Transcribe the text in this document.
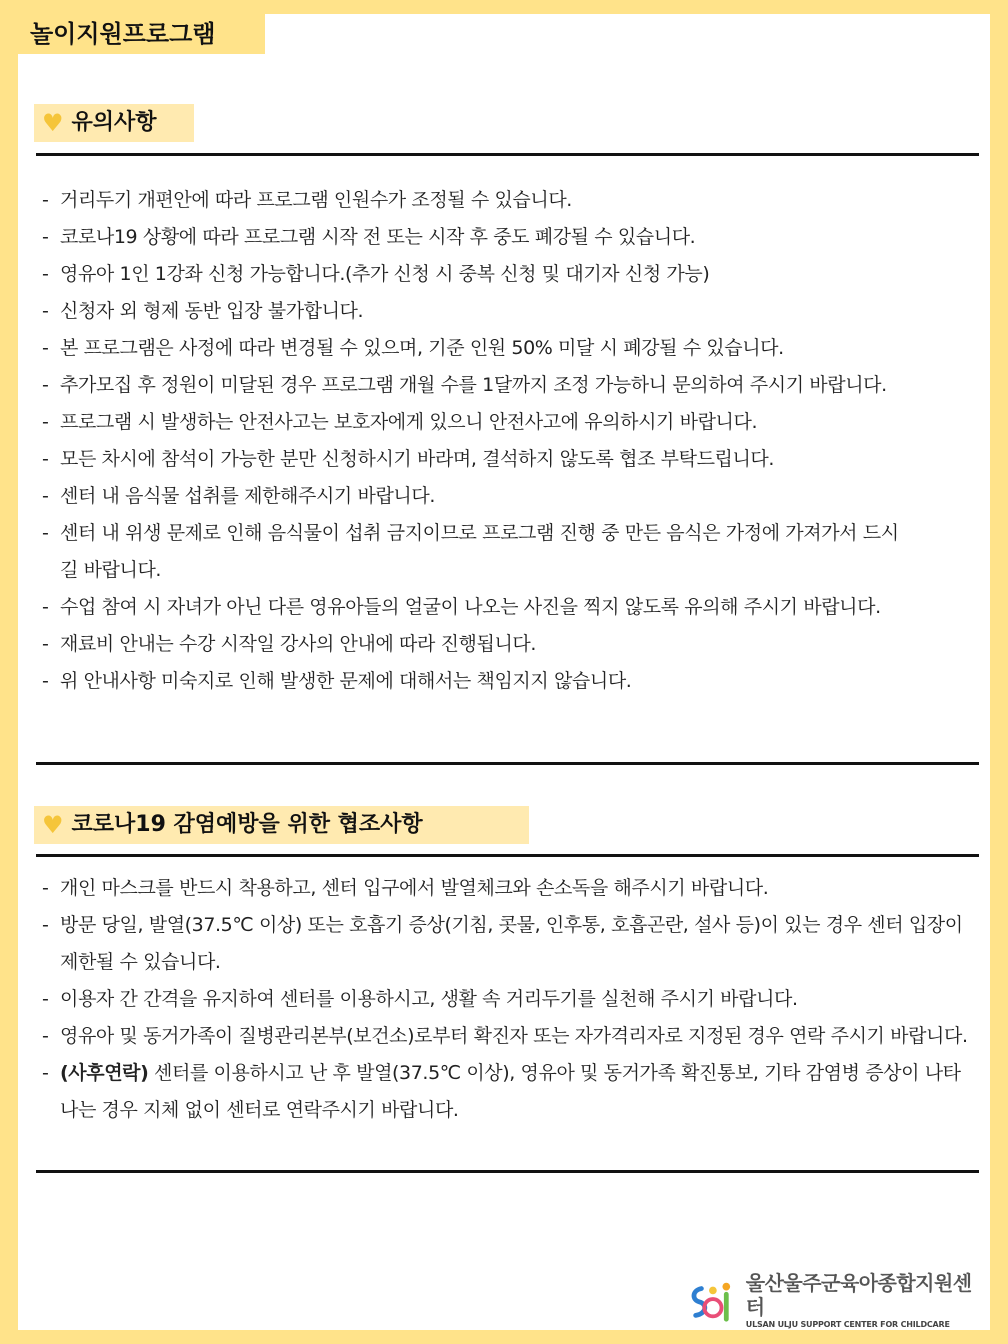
놀이지원프로그램
♥ 유의사항
- 거리두기 개편안에 따라 프로그램 인원수가 조정될 수 있습니다.
- 코로나19 상황에 따라 프로그램 시작 전 또는 시작 후 중도 폐강될 수 있습니다.
- 영유아 1인 1강좌 신청 가능합니다.(추가 신청 시 중복 신청 및 대기자 신청 가능)
- 신청자 외 형제 동반 입장 불가합니다.
- 본 프로그램은 사정에 따라 변경될 수 있으며, 기준 인원 50% 미달 시 폐강될 수 있습니다.
- 추가모집 후 정원이 미달된 경우 프로그램 개월 수를 1달까지 조정 가능하니 문의하여 주시기 바랍니다.
- 프로그램 시 발생하는 안전사고는 보호자에게 있으니 안전사고에 유의하시기 바랍니다.
- 모든 차시에 참석이 가능한 분만 신청하시기 바라며, 결석하지 않도록 협조 부탁드립니다.
- 센터 내 음식물 섭취를 제한해주시기 바랍니다.
- 센터 내 위생 문제로 인해 음식물이 섭취 금지이므로 프로그램 진행 중 만든 음식은 가정에 가져가서 드시길 바랍니다.
- 수업 참여 시 자녀가 아닌 다른 영유아들의 얼굴이 나오는 사진을 찍지 않도록 유의해 주시기 바랍니다.
- 재료비 안내는 수강 시작일 강사의 안내에 따라 진행됩니다.
- 위 안내사항 미숙지로 인해 발생한 문제에 대해서는 책임지지 않습니다.
♥ 코로나19 감염예방을 위한 협조사항
- 개인 마스크를 반드시 착용하고, 센터 입구에서 발열체크와 손소독을 해주시기 바랍니다.
- 방문 당일, 발열(37.5℃ 이상) 또는 호흡기 증상(기침, 콧물, 인후통, 호흡곤란, 설사 등)이 있는 경우 센터 입장이 제한될 수 있습니다.
- 이용자 간 간격을 유지하여 센터를 이용하시고, 생활 속 거리두기를 실천해 주시기 바랍니다.
- 영유아 및 동거가족이 질병관리본부(보건소)로부터 확진자 또는 자가격리자로 지정된 경우 연락 주시기 바랍니다.
- (사후연락) 센터를 이용하시고 난 후 발열(37.5℃ 이상), 영유아 및 동거가족 확진통보, 기타 감염병 증상이 나타나는 경우 지체 없이 센터로 연락주시기 바랍니다.
울산울주군육아종합지원센터
ULSAN ULJU SUPPORT CENTER FOR CHILDCARE
